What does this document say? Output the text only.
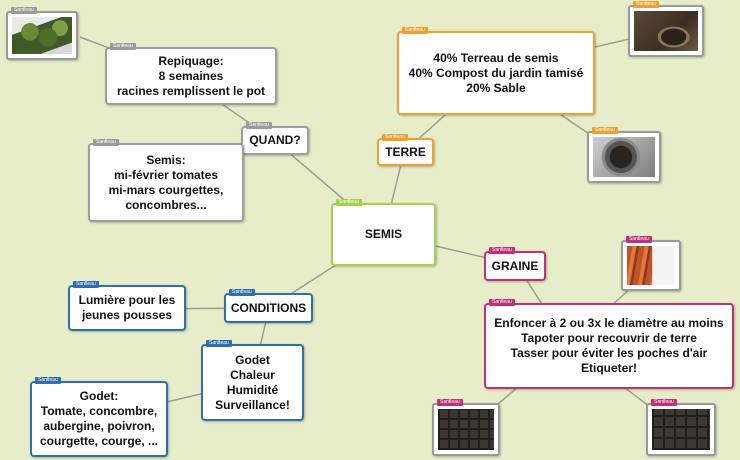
Santleau
SEMIS
Santleau
QUAND?
Santleau
Repiquage:
8 semaines
racines remplissent le pot
Santleau
Semis:
mi-février tomates
mi-mars courgettes,
concombres...
Santleau
Santleau
TERRE
Santleau
40% Terreau de semis
40% Compost du jardin tamisé
20% Sable
Santleau
Santleau
Santleau
GRAINE
Santleau
Enfoncer à 2 ou 3x le diamètre au moins
Tapoter pour recouvrir de terre
Tasser pour éviter les poches d'air
Etiqueter!
Santleau
Santleau	Santleau
Santleau
CONDITIONS
Santleau
Lumière pour les
jeunes pousses
Santleau
Godet
Chaleur
Humidité
Surveillance!
Santleau
Godet:
Tomate, concombre,
aubergine, poivron,
courgette, courge, ...
